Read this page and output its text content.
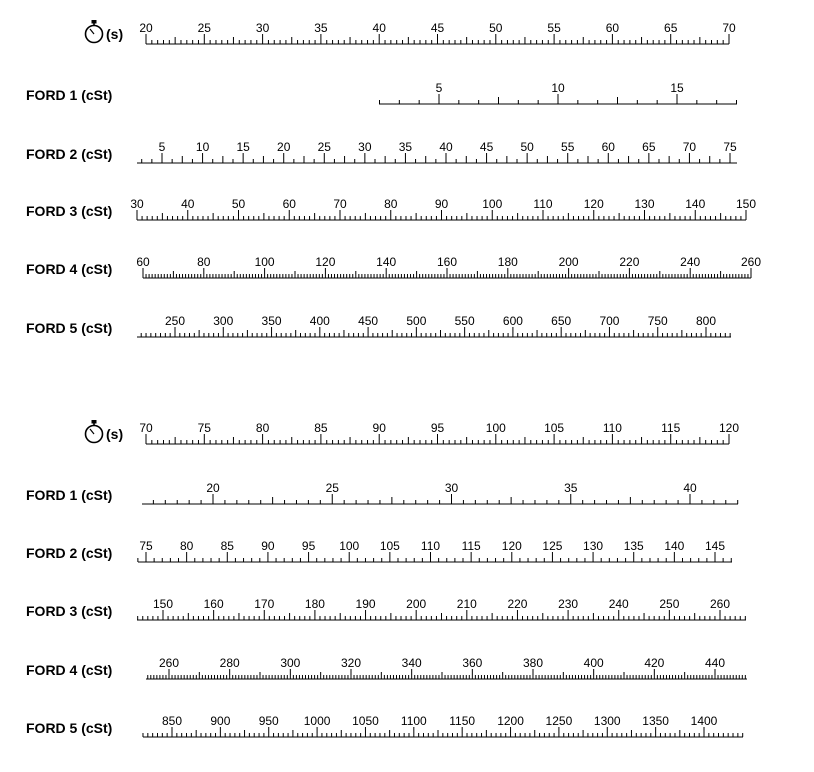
(s) 20	25	30	35	40	45	50	55	60	65	70
FORD 1 (cSt)	5	10	15
FORD 2 (cSt)	5	10 15 20 25 30 35 40 45 50 55 60 65 70 75
FORD 3 (cSt) 30	40	50	60	70	80	90	100	110	120	130	140	150
FORD 4 (cSt) 60	80	100	120	140	160	180	200	220	240	260
FORD 5 (cSt)	250 300 350 400 450 500 550 600 650 700 750 800
(s) 70	75	80	85	90	95	100	105	110	115	120
FORD 1 (cSt)	20	25	30	35	40
FORD 2 (cSt) 75 80 85 90 95 100 105 110 115 120 125 130 135 140 145
FORD 3 (cSt)	150	160	170	180	190	200	210	220	230	240	250	260
FORD 4 (cSt)	260	280	300	320	340	360	380	400	420	440
FORD 5 (cSt)	850 900 950 1000 1050 1100 1150 1200 1250 1300 1350 1400
